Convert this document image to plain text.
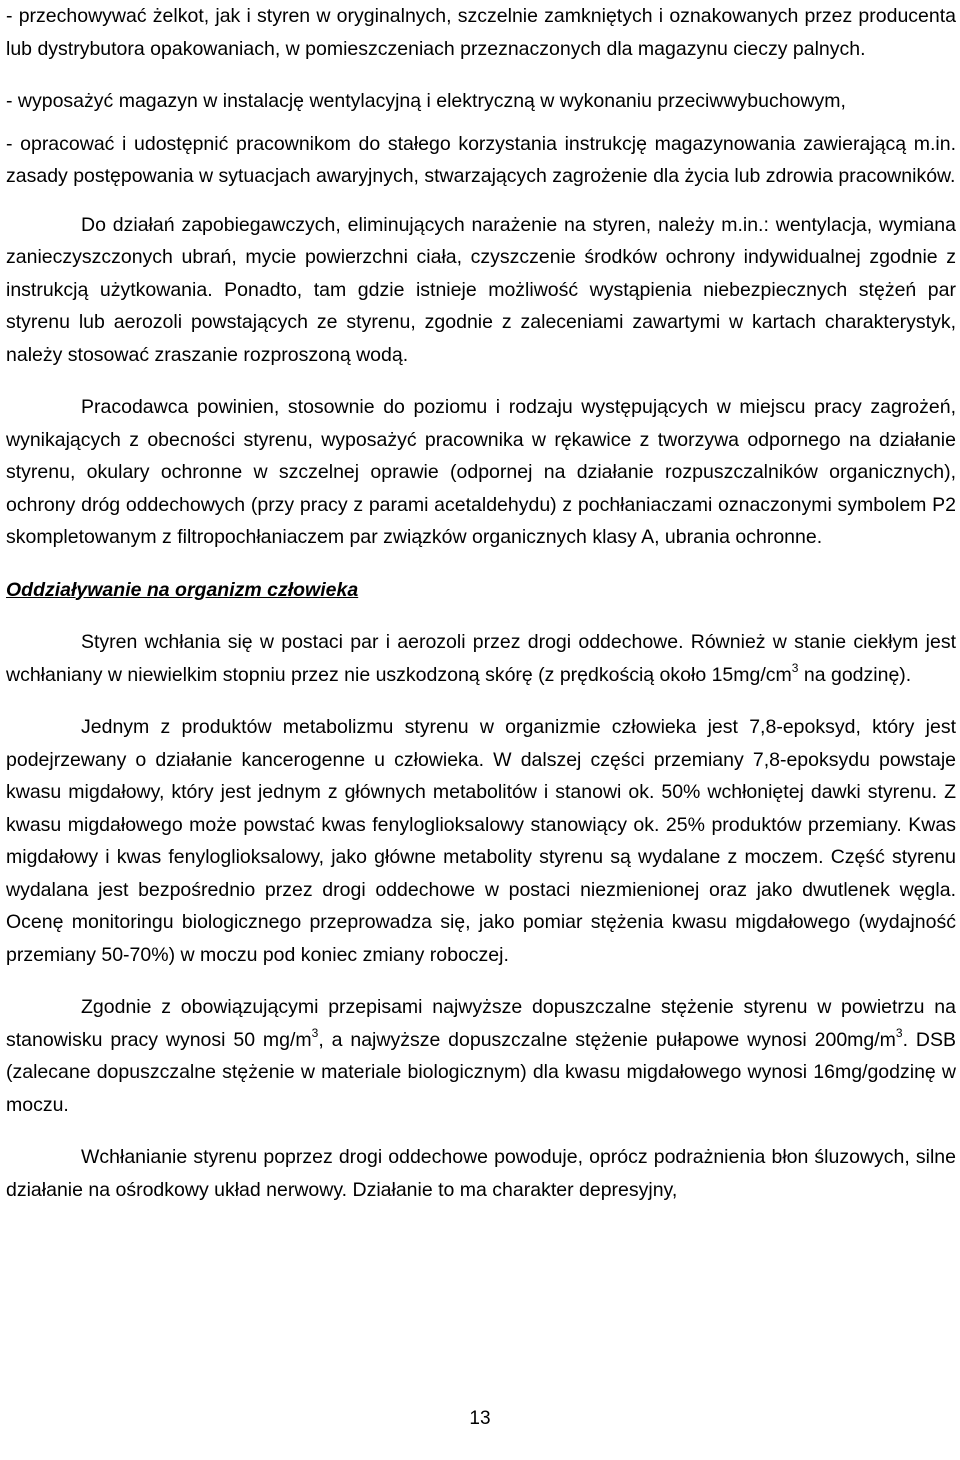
- przechowywać żelkot, jak i styren w oryginalnych, szczelnie zamkniętych i oznakowanych przez producenta lub dystrybutora opakowaniach, w pomieszczeniach przeznaczonych dla magazynu cieczy palnych.

- wyposażyć magazyn w instalację wentylacyjną i elektryczną w wykonaniu przeciwwybuchowym,

- opracować i udostępnić pracownikom do stałego korzystania instrukcję magazynowania zawierającą m.in. zasady postępowania w sytuacjach awaryjnych, stwarzających zagrożenie dla życia lub zdrowia pracowników.

Do działań zapobiegawczych, eliminujących narażenie na styren, należy m.in.: wentylacja, wymiana zanieczyszczonych ubrań, mycie powierzchni ciała, czyszczenie środków ochrony indywidualnej zgodnie z instrukcją użytkowania. Ponadto, tam gdzie istnieje możliwość wystąpienia niebezpiecznych stężeń par styrenu lub aerozoli powstających ze styrenu, zgodnie z zaleceniami zawartymi w kartach charakterystyk, należy stosować zraszanie rozproszoną wodą.

Pracodawca powinien, stosownie do poziomu i rodzaju występujących w miejscu pracy zagrożeń, wynikających z obecności styrenu, wyposażyć pracownika w rękawice z tworzywa odpornego na działanie styrenu, okulary ochronne w szczelnej oprawie (odpornej na działanie rozpuszczalników organicznych), ochrony dróg oddechowych (przy pracy z parami acetaldehydu) z pochłaniaczami oznaczonymi symbolem P2 skompletowanym z filtropochłaniaczem par związków organicznych klasy A, ubrania ochronne.

Oddziaływanie na organizm człowieka

Styren wchłania się w postaci par i aerozoli przez drogi oddechowe. Również w stanie ciekłym jest wchłaniany w niewielkim stopniu przez nie uszkodzoną skórę (z prędkością około $15mg/cm^3$ na godzinę).

Jednym z produktów metabolizmu styrenu w organizmie człowieka jest 7,8-epoksyd, który jest podejrzewany o działanie kancerogenne u człowieka. W dalszej części przemiany 7,8-epoksydu powstaje kwasu migdałowy, który jest jednym z głównych metabolitów i stanowi ok. 50% wchłoniętej dawki styrenu. Z kwasu migdałowego może powstać kwas fenyloglioksalowy stanowiący ok. 25% produktów przemiany. Kwas migdałowy i kwas fenyloglioksalowy, jako główne metabolity styrenu są wydalane z moczem. Część styrenu wydalana jest bezpośrednio przez drogi oddechowe w postaci niezmienionej oraz jako dwutlenek węgla. Ocenę monitoringu biologicznego przeprowadza się, jako pomiar stężenia kwasu migdałowego (wydajność przemiany 50-70%) w moczu pod koniec zmiany roboczej.

Zgodnie z obowiązującymi przepisami najwyższe dopuszczalne stężenie styrenu w powietrzu na stanowisku pracy wynosi 50 $mg/m^3$, a najwyższe dopuszczalne stężenie pułapowe wynosi $200mg/m^3$. DSB (zalecane dopuszczalne stężenie w materiale biologicznym) dla kwasu migdałowego wynosi 16mg/godzinę w moczu.

Wchłanianie styrenu poprzez drogi oddechowe powoduje, oprócz podrażnienia błon śluzowych, silne działanie na ośrodkowy układ nerwowy. Działanie to ma charakter depresyjny,

13
